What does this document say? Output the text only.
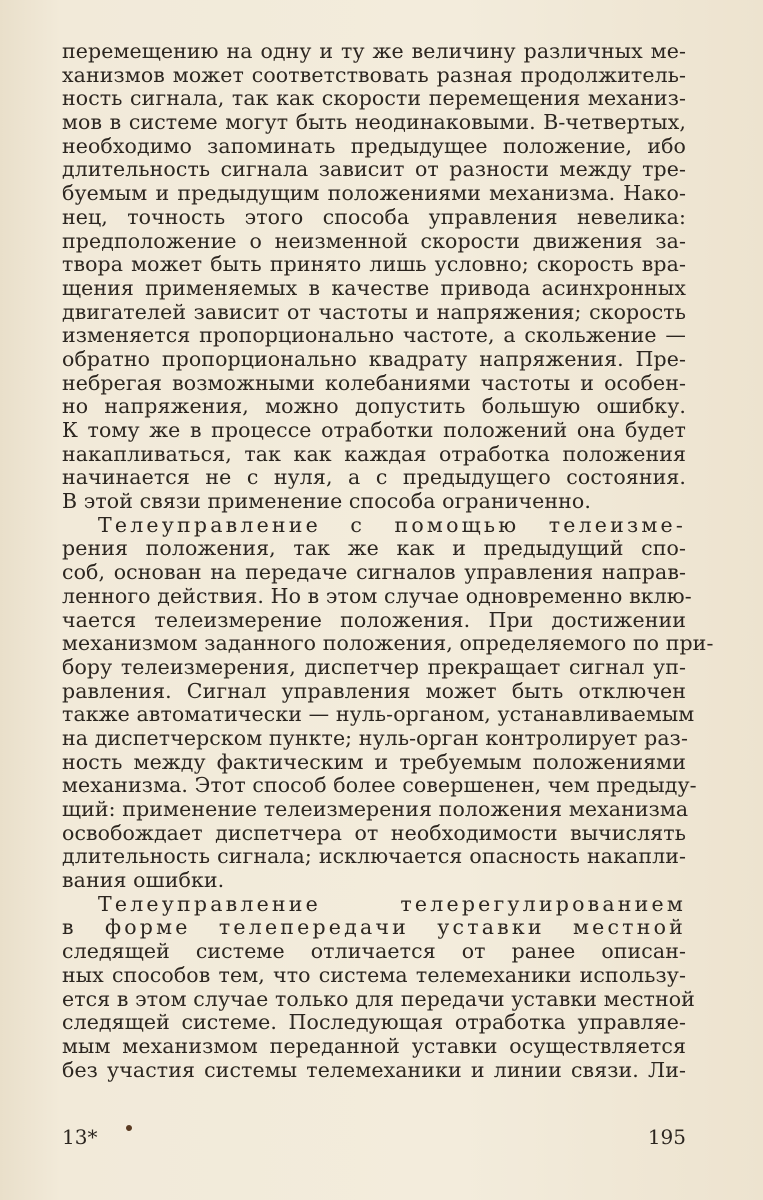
перемещению на одну и ту же величину различных ме-
ханизмов может соответствовать разная продолжитель-
ность сигнала, так как скорости перемещения механиз-
мов в системе могут быть неодинаковыми. В-четвертых,
необходимо запоминать предыдущее положение, ибо
длительность сигнала зависит от разности между тре-
буемым и предыдущим положениями механизма. Нако-
нец, точность этого способа управления невелика:
предположение о неизменной скорости движения за-
твора может быть принято лишь условно; скорость вра-
щения применяемых в качестве привода асинхронных
двигателей зависит от частоты и напряжения; скорость
изменяется пропорционально частоте, а скольжение —
обратно пропорционально квадрату напряжения. Пре-
небрегая возможными колебаниями частоты и особен-
но напряжения, можно допустить большую ошибку.
К тому же в процессе отработки положений она будет
накапливаться, так как каждая отработка положения
начинается не с нуля, а с предыдущего состояния.
В этой связи применение способа ограниченно.
Телеуправление с помощью телеизме-
рения положения, так же как и предыдущий спо-
соб, основан на передаче сигналов управления направ-
ленного действия. Но в этом случае одновременно вклю-
чается телеизмерение положения. При достижении
механизмом заданного положения, определяемого по при-
бору телеизмерения, диспетчер прекращает сигнал уп-
равления. Сигнал управления может быть отключен
также автоматически — нуль-органом, устанавливаемым
на диспетчерском пункте; нуль-орган контролирует раз-
ность между фактическим и требуемым положениями
механизма. Этот способ более совершенен, чем предыду-
щий: применение телеизмерения положения механизма
освобождает диспетчера от необходимости вычислять
длительность сигнала; исключается опасность накапли-
вания ошибки.
Телеуправление телерегулированием
в форме телепередачи уставки местной
следящей системе отличается от ранее описан-
ных способов тем, что система телемеханики использу-
ется в этом случае только для передачи уставки местной
следящей системе. Последующая отработка управляе-
мым механизмом переданной уставки осуществляется
без участия системы телемеханики и линии связи. Ли-
13*	195
